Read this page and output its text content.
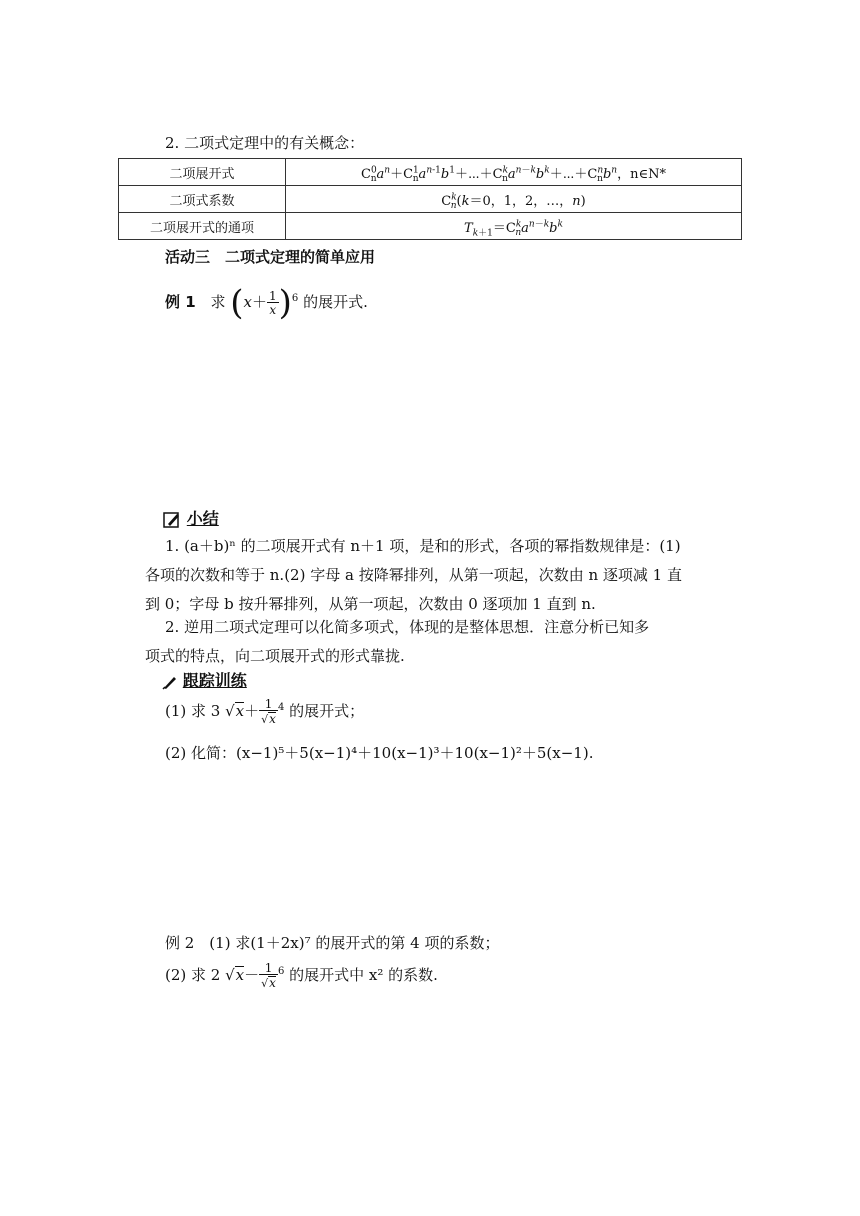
2. 二项式定理中的有关概念：
二项展开式	$C^0_na^n+C^1_na^{n-1}b^1+\cdots+C^k_na^{n-k}b^k+\cdots+C^n_nb^n$，n∈N*
二项式系数	$C^k_n(k=0$，1，2，…，n)
二项展开式的通项	$T_{k+1}=C^k_na^{n-k}b^k$
活动三　二项式定理的简单应用
例 1 求 $(x+ \frac{1}{x} )^6$ 的展开式.
小结
1. (a＋b)ⁿ 的二项展开式有 n＋1 项，是和的形式，各项的幂指数规律是：(1)
各项的次数和等于 n.(2) 字母 a 按降幂排列，从第一项起，次数由 n 逐项减 1 直
到 0；字母 b 按升幂排列，从第一项起，次数由 0 逐项加 1 直到 n.
2. 逆用二项式定理可以化简多项式，体现的是整体思想．注意分析已知多
项式的特点，向二项展开式的形式靠拢.
跟踪训练
(1) 求 3 $√x+ \frac{1}{√x} ^4$ 的展开式；
(2) 化简：(x−1)⁵＋5(x−1)⁴＋10(x−1)³＋10(x−1)²＋5(x−1).
例 2　(1) 求(1＋2x)⁷ 的展开式的第 4 项的系数；
(2) 求 2 $√x- \frac{1}{√x} ^6$ 的展开式中 x² 的系数.
